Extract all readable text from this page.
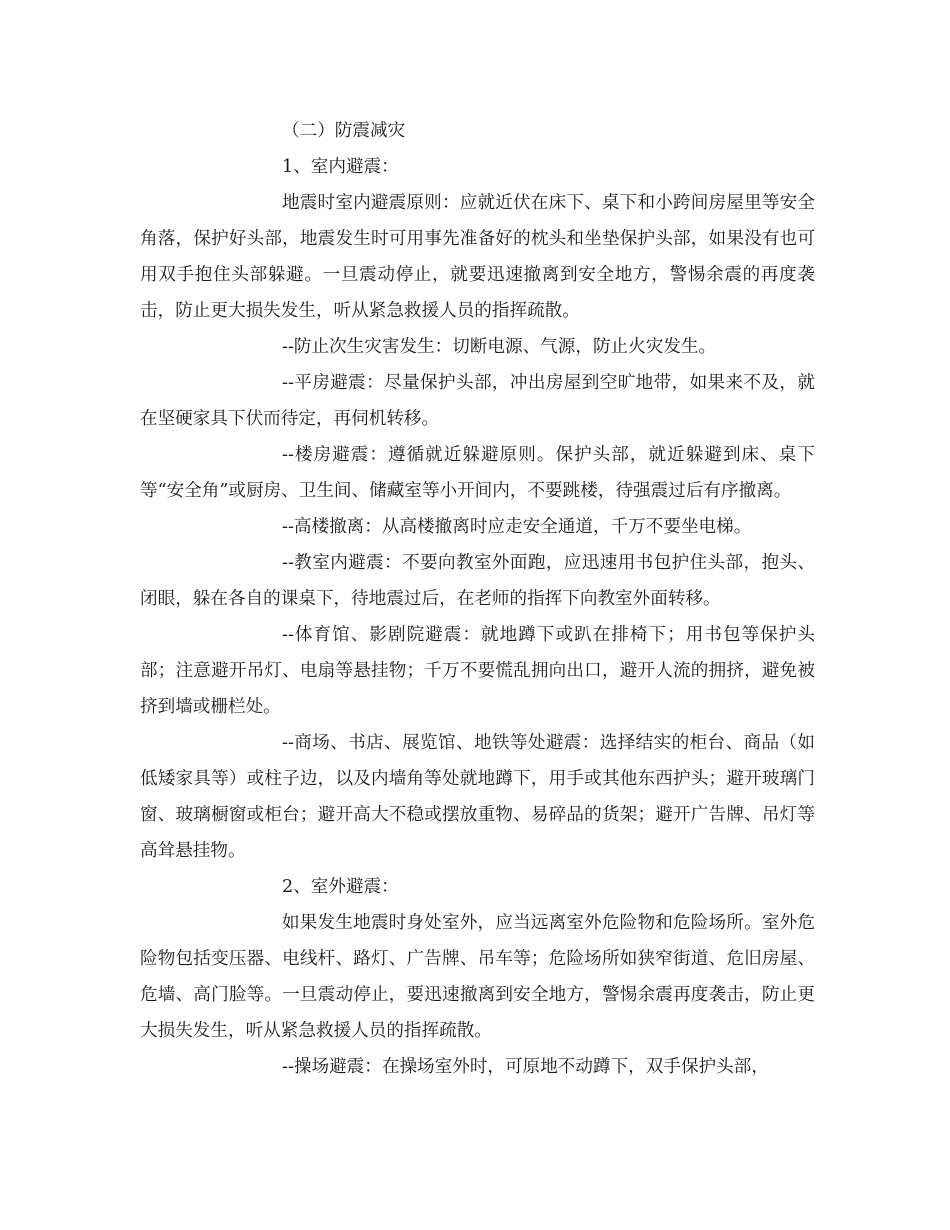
（二）防震减灾

1、室内避震：

地震时室内避震原则：应就近伏在床下、桌下和小跨间房屋里等安全角落，保护好头部，地震发生时可用事先准备好的枕头和坐垫保护头部，如果没有也可用双手抱住头部躲避。一旦震动停止，就要迅速撤离到安全地方，警惕余震的再度袭击，防止更大损失发生，听从紧急救援人员的指挥疏散。

--防止次生灾害发生：切断电源、气源，防止火灾发生。

--平房避震：尽量保护头部，冲出房屋到空旷地带，如果来不及，就在坚硬家具下伏而待定，再伺机转移。

--楼房避震：遵循就近躲避原则。保护头部，就近躲避到床、桌下等“安全角”或厨房、卫生间、储藏室等小开间内，不要跳楼，待强震过后有序撤离。

--高楼撤离：从高楼撤离时应走安全通道，千万不要坐电梯。

--教室内避震：不要向教室外面跑，应迅速用书包护住头部，抱头、闭眼，躲在各自的课桌下，待地震过后，在老师的指挥下向教室外面转移。

--体育馆、影剧院避震：就地蹲下或趴在排椅下；用书包等保护头部；注意避开吊灯、电扇等悬挂物；千万不要慌乱拥向出口，避开人流的拥挤，避免被挤到墙或栅栏处。

--商场、书店、展览馆、地铁等处避震：选择结实的柜台、商品（如低矮家具等）或柱子边，以及内墙角等处就地蹲下，用手或其他东西护头；避开玻璃门窗、玻璃橱窗或柜台；避开高大不稳或摆放重物、易碎品的货架；避开广告牌、吊灯等高耸悬挂物。

2、室外避震：

如果发生地震时身处室外，应当远离室外危险物和危险场所。室外危险物包括变压器、电线杆、路灯、广告牌、吊车等；危险场所如狭窄街道、危旧房屋、危墙、高门脸等。一旦震动停止，要迅速撤离到安全地方，警惕余震再度袭击，防止更大损失发生，听从紧急救援人员的指挥疏散。

--操场避震：在操场室外时，可原地不动蹲下，双手保护头部，
